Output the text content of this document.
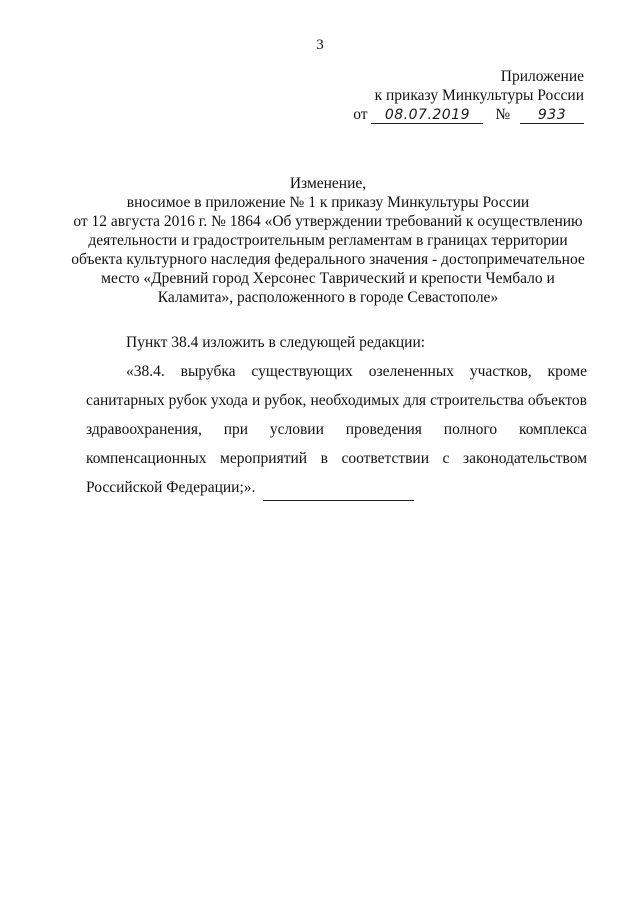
3
Приложение
к приказу Минкультуры России
от 08.07.2019 № 933
Изменение,
вносимое в приложение № 1 к приказу Минкультуры России
от 12 августа 2016 г. № 1864 «Об утверждении требований к осуществлению
деятельности и градостроительным регламентам в границах территории
объекта культурного наследия федерального значения - достопримечательное
место «Древний город Херсонес Таврический и крепости Чембало и
Каламита», расположенного в городе Севастополе»
Пункт 38.4 изложить в следующей редакции:
«38.4. вырубка существующих озелененных участков, кроме
санитарных рубок ухода и рубок, необходимых для строительства объектов
здравоохранения, при условии проведения полного комплекса
компенсационных мероприятий в соответствии с законодательством
Российской Федерации;».
